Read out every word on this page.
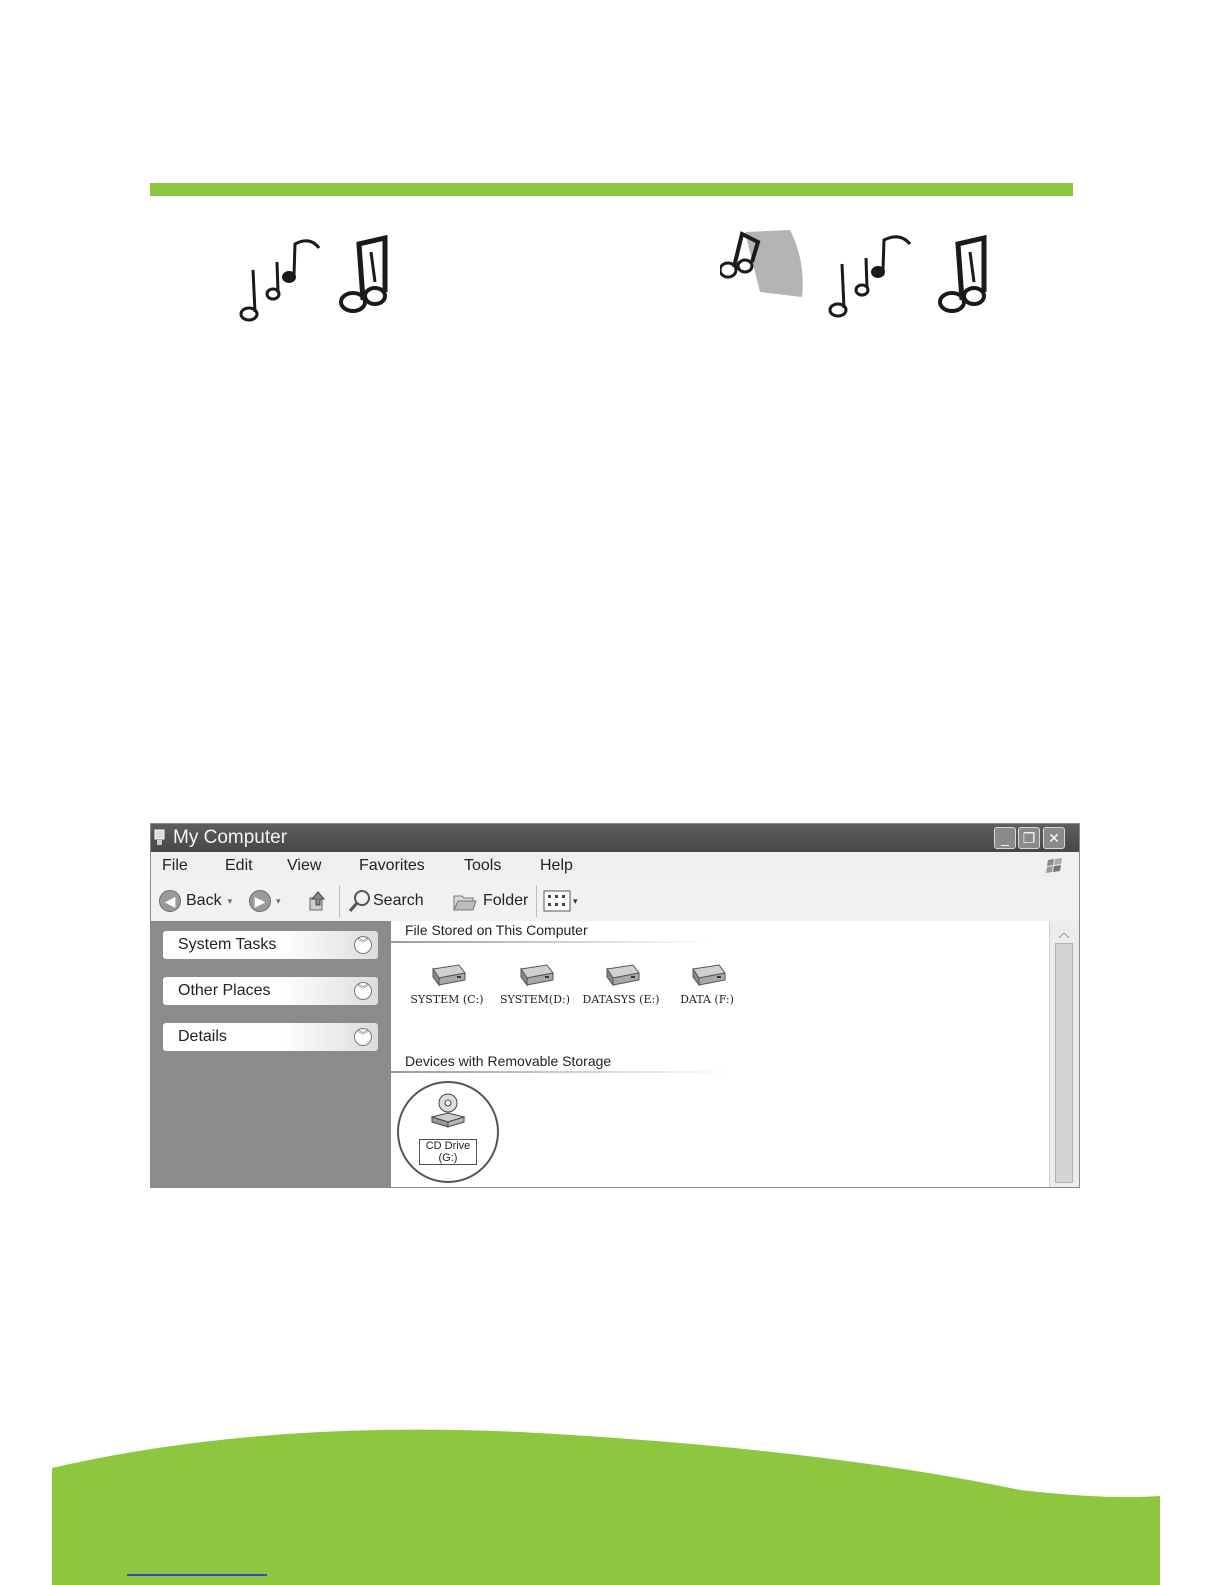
My Computer	_ ❐ ✕
File Edit View Favorites Tools Help
◀ Back ▾	▶	▾	Search	Folder	▾
System Tasks	︾
Other Places	︾
Details	︾
File Stored on This Computer
SYSTEM (C:)	SYSTEM(D:)	DATASYS (E:)	DATA (F:)
Devices with Removable Storage
CD Drive (G:)
︿
